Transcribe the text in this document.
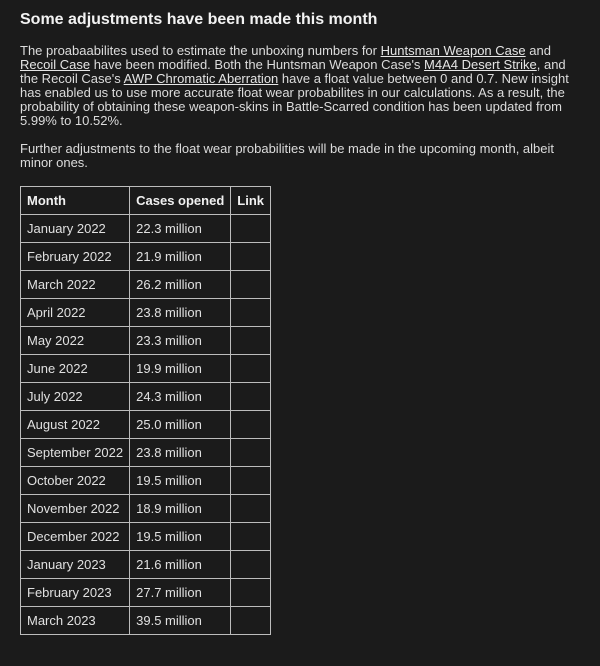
Some adjustments have been made this month

The proabaabilites used to estimate the unboxing numbers for Huntsman Weapon Case and Recoil Case have been modified. Both the Huntsman Weapon Case's M4A4 Desert Strike, and the Recoil Case's AWP Chromatic Aberration have a float value between 0 and 0.7. New insight has enabled us to use more accurate float wear probabilites in our calculations. As a result, the probability of obtaining these weapon-skins in Battle-Scarred condition has been updated from 5.99% to 10.52%.

Further adjustments to the float wear probabilities will be made in the upcoming month, albeit minor ones.

Month	Cases opened	Link
January 2022	22.3 million	
February 2022	21.9 million	
March 2022	26.2 million	
April 2022	23.8 million	
May 2022	23.3 million	
June 2022	19.9 million	
July 2022	24.3 million	
August 2022	25.0 million	
September 2022	23.8 million	
October 2022	19.5 million	
November 2022	18.9 million	
December 2022	19.5 million	
January 2023	21.6 million	
February 2023	27.7 million	
March 2023	39.5 million	
